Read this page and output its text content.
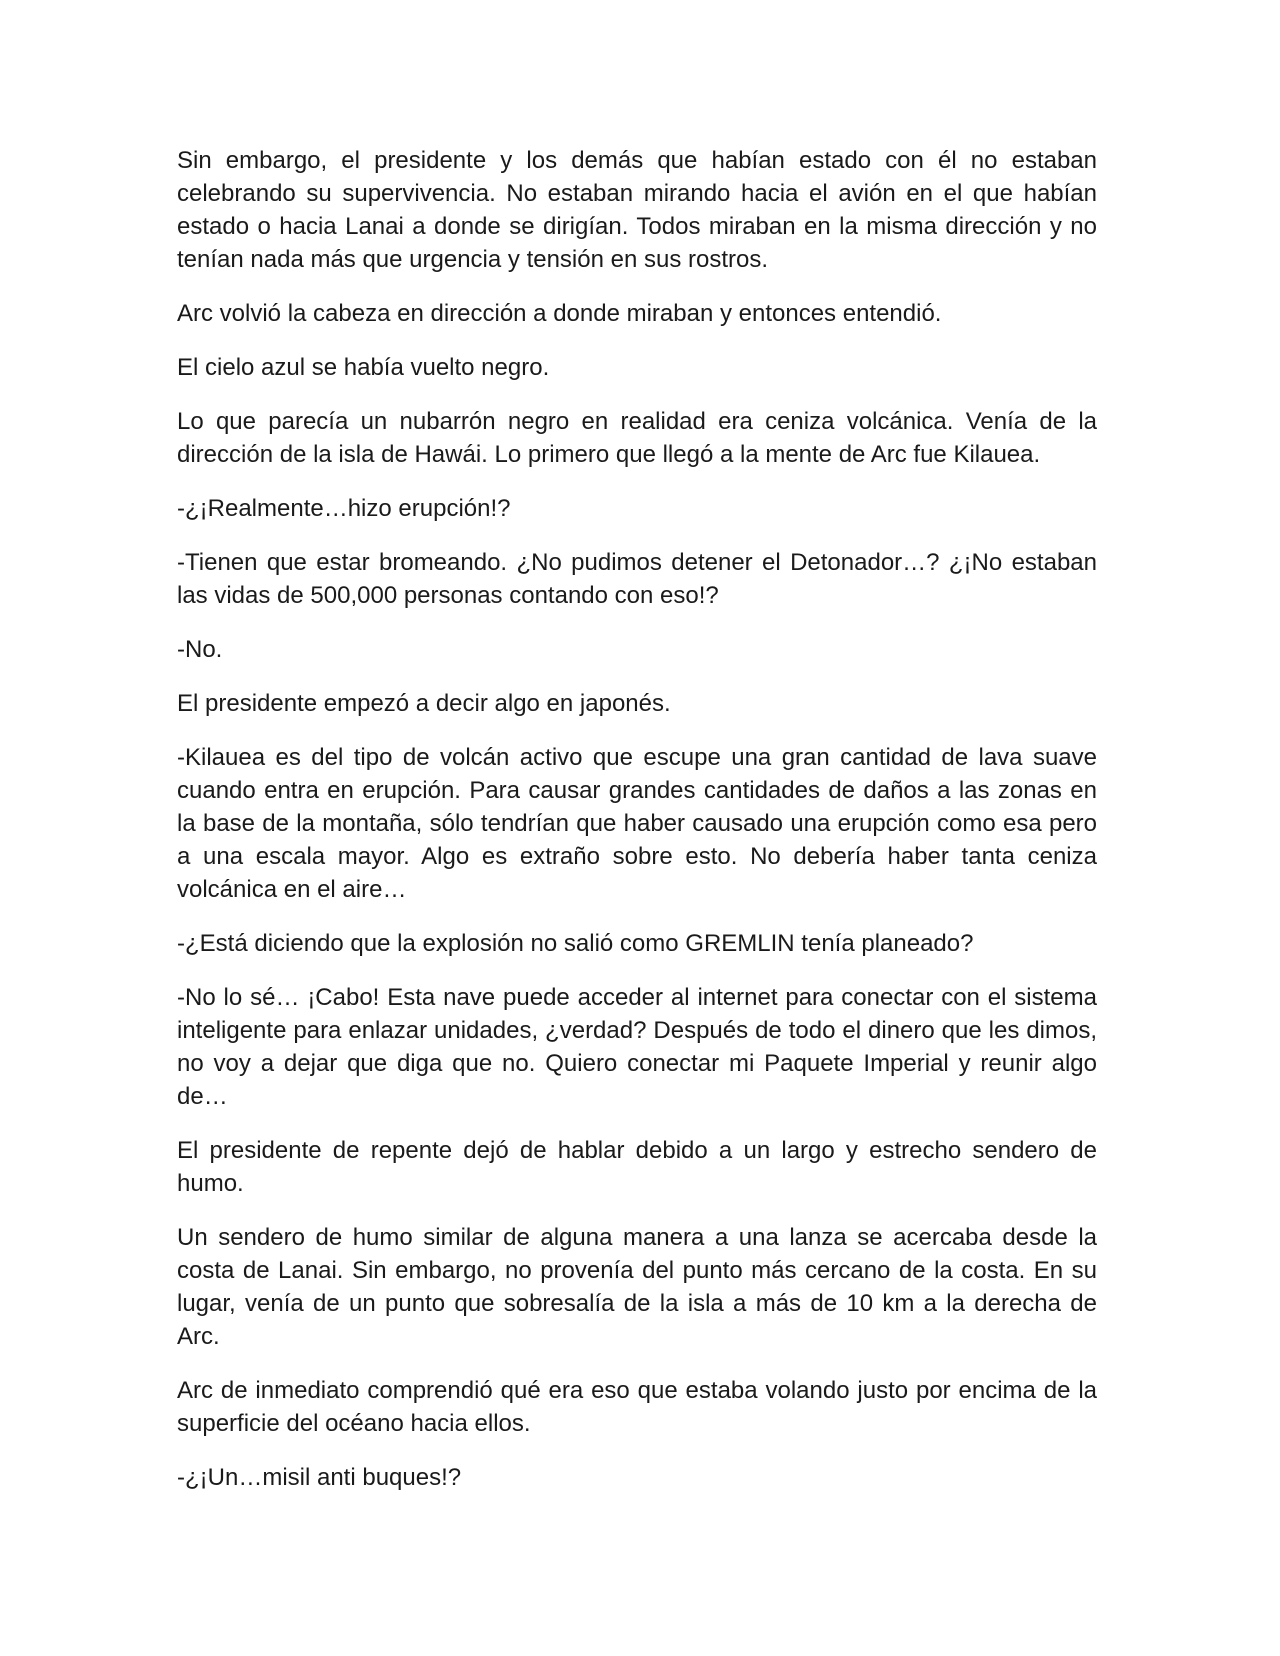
Sin embargo, el presidente y los demás que habían estado con él no estaban celebrando su supervivencia. No estaban mirando hacia el avión en el que habían estado o hacia Lanai a donde se dirigían. Todos miraban en la misma dirección y no tenían nada más que urgencia y tensión en sus rostros.

Arc volvió la cabeza en dirección a donde miraban y entonces entendió.

El cielo azul se había vuelto negro.

Lo que parecía un nubarrón negro en realidad era ceniza volcánica. Venía de la dirección de la isla de Hawái. Lo primero que llegó a la mente de Arc fue Kilauea.

-¿¡Realmente…hizo erupción!?

-Tienen que estar bromeando. ¿No pudimos detener el Detonador…? ¿¡No estaban las vidas de 500,000 personas contando con eso!?

-No.

El presidente empezó a decir algo en japonés.

-Kilauea es del tipo de volcán activo que escupe una gran cantidad de lava suave cuando entra en erupción. Para causar grandes cantidades de daños a las zonas en la base de la montaña, sólo tendrían que haber causado una erupción como esa pero a una escala mayor. Algo es extraño sobre esto. No debería haber tanta ceniza volcánica en el aire…

-¿Está diciendo que la explosión no salió como GREMLIN tenía planeado?

-No lo sé… ¡Cabo! Esta nave puede acceder al internet para conectar con el sistema inteligente para enlazar unidades, ¿verdad? Después de todo el dinero que les dimos, no voy a dejar que diga que no. Quiero conectar mi Paquete Imperial y reunir algo de…

El presidente de repente dejó de hablar debido a un largo y estrecho sendero de humo.

Un sendero de humo similar de alguna manera a una lanza se acercaba desde la costa de Lanai. Sin embargo, no provenía del punto más cercano de la costa. En su lugar, venía de un punto que sobresalía de la isla a más de 10 km a la derecha de Arc.

Arc de inmediato comprendió qué era eso que estaba volando justo por encima de la superficie del océano hacia ellos.

-¿¡Un…misil anti buques!?
